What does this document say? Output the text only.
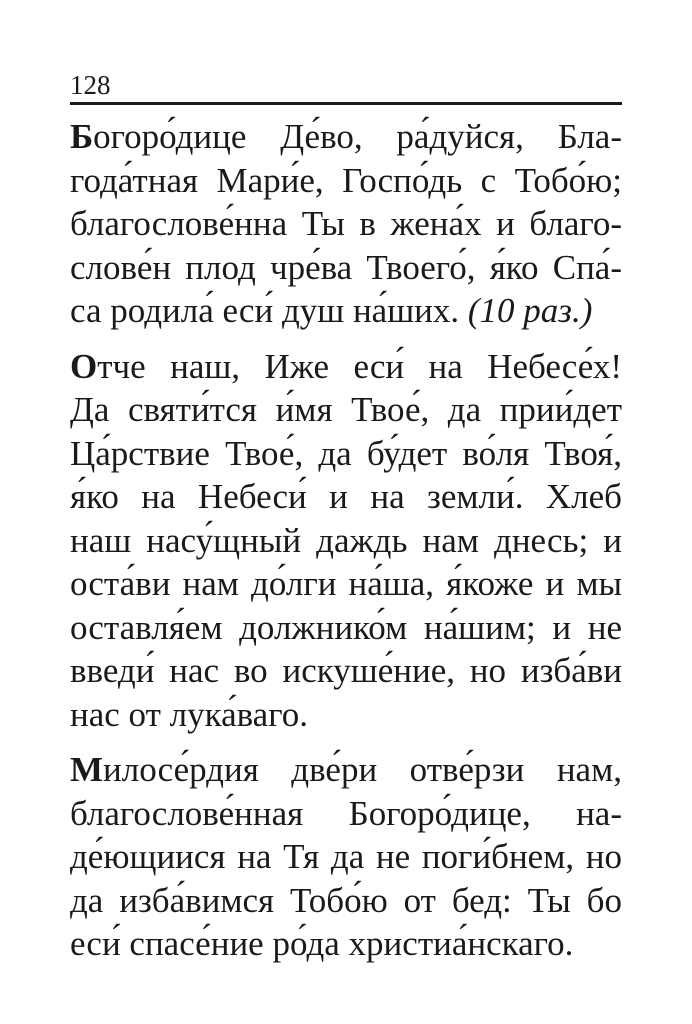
128

Богоро́дице Де́во, ра́дуйся, Бла-
года́тная Мари́е, Госпо́дь с Тобо́ю;
благослове́нна Ты в жена́х и благо-
слове́н плод чре́ва Твоего́, я́ко Спа́-
са родила́ еси́ душ на́ших. (10 раз.)

Отче наш, Иже еси́ на Небесе́х!
Да святи́тся и́мя Твое́, да прии́дет
Ца́рствие Твое́, да бу́дет во́ля Твоя́,
я́ко на Небеси́ и на земли́. Хлеб
наш насу́щный даждь нам днесь; и
оста́ви нам до́лги на́ша, я́коже и мы
оставля́ем должнико́м на́шим; и не
введи́ нас во искуше́ние, но изба́ви
нас от лука́ваго.

Милосе́рдия две́ри отве́рзи нам,
благослове́нная Богоро́дице, на-
де́ющиися на Тя да не поги́бнем, но
да изба́вимся Тобо́ю от бед: Ты бо
еси́ спасе́ние ро́да христиа́нскаго.
